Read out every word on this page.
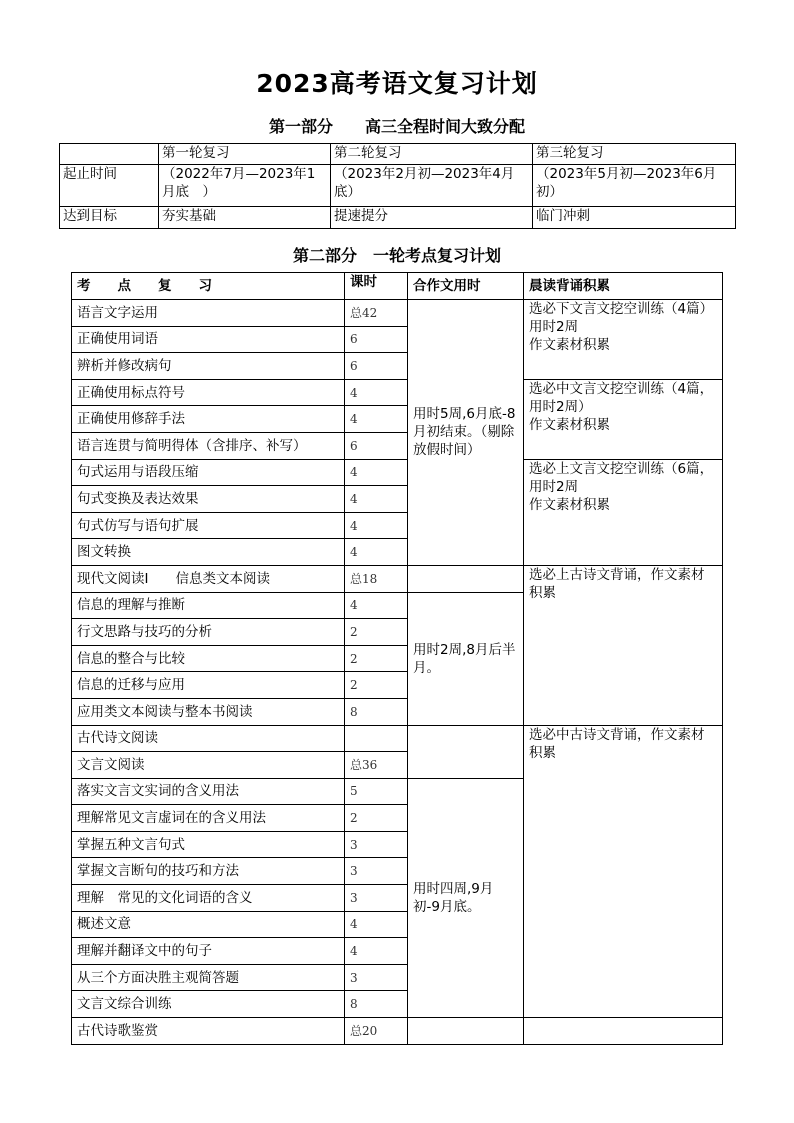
2023高考语文复习计划
第一部分　　高三全程时间大致分配
	第一轮复习	第二轮复习	第三轮复习
起止时间	（2022年7月—2023年1月底　）	（2023年2月初—2023年4月底）	（2023年5月初—2023年6月初）
达到目标	夯实基础	提速提分	临门冲刺
第二部分　一轮考点复习计划
考　　点　　复　　习	课时	合作文用时	晨读背诵积累
语言文字运用	总42	用时5周,6月底-8月初结束。（剔除放假时间）	选必下文言文挖空训练（4篇）
用时2周
作文素材积累
正确使用词语	6		
辨析并修改病句	6		
正确使用标点符号	4		选必中文言文挖空训练（4篇，用时2周）
作文素材积累
正确使用修辞手法	4		
语言连贯与简明得体（含排序、补写）	6		
句式运用与语段压缩	4		选必上文言文挖空训练（6篇，用时2周
作文素材积累
句式变换及表达效果	4		
句式仿写与语句扩展	4		
图文转换	4		
现代文阅读Ⅰ　　信息类文本阅读	总18		选必上古诗文背诵，作文素材积累
信息的理解与推断	4	用时2周,8月后半月。	
行文思路与技巧的分析	2		
信息的整合与比较	2		
信息的迁移与应用	2		
应用类文本阅读与整本书阅读	8		
古代诗文阅读			选必中古诗文背诵，作文素材积累
文言文阅读	总36		
落实文言文实词的含义用法	5	用时四周,9月初-9月底。	
理解常见文言虚词在的含义用法	2		
掌握五种文言句式	3		
掌握文言断句的技巧和方法	3		
理解　常见的文化词语的含义	3		
概述文意	4		
理解并翻译文中的句子	4		
从三个方面决胜主观简答题	3		
文言文综合训练	8		
古代诗歌鉴赏	总20		
